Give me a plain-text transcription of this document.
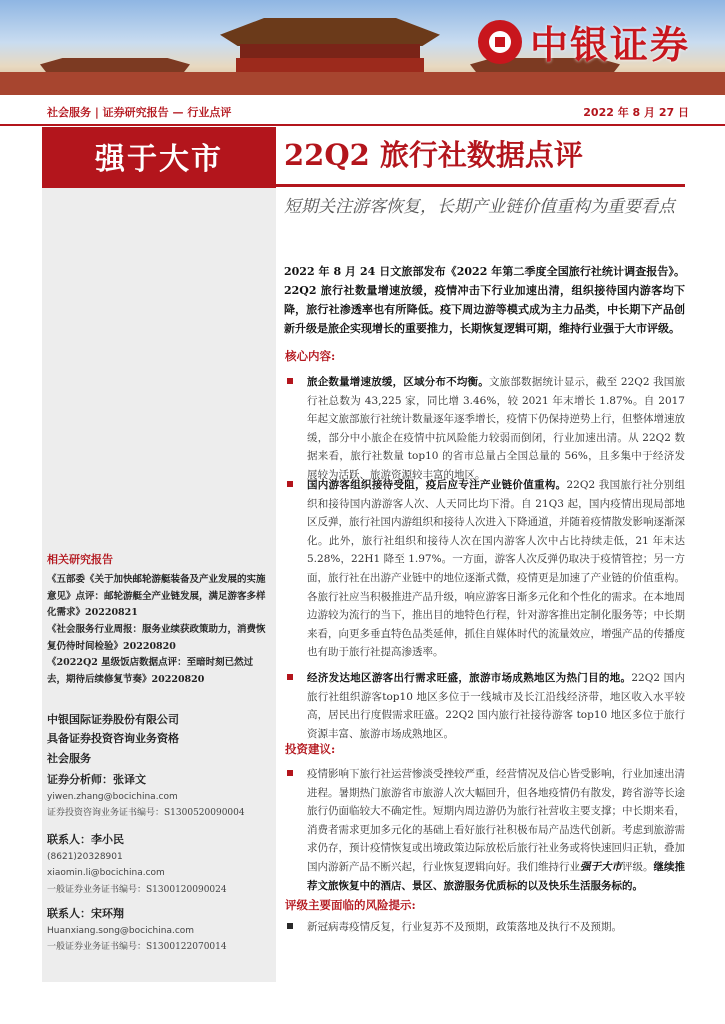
中银证券
社会服务 | 证券研究报告 — 行业点评	2022 年 8 月 27 日
强于大市	22Q2 旅行社数据点评
短期关注游客恢复，长期产业链价值重构为重要看点
2022 年 8 月 24 日文旅部发布《2022 年第二季度全国旅行社统计调查报告》。22Q2 旅行社数量增速放缓，疫情冲击下行业加速出清，组织接待国内游客均下降，旅行社渗透率也有所降低。疫下周边游等模式成为主力品类，中长期下产品创新升级是旅企实现增长的重要推力，长期恢复逻辑可期，维持行业强于大市评级。
核心内容:
旅企数量增速放缓，区域分布不均衡。文旅部数据统计显示，截至 22Q2 我国旅行社总数为 43,225 家，同比增 3.46%，较 2021 年末增长 1.87%。自 2017 年起文旅部旅行社统计数量逐年逐季增长，疫情下仍保持逆势上行，但整体增速放缓，部分中小旅企在疫情中抗风险能力较弱而倒闭，行业加速出清。从 22Q2 数据来看，旅行社数量 top10 的省市总量占全国总量的 56%，且多集中于经济发展较为活跃、旅游资源较丰富的地区。
国内游客组织接待受阻，疫后应专注产业链价值重构。22Q2 我国旅行社分别组织和接待国内游游客人次、人天同比均下滑。自 21Q3 起，国内疫情出现局部地区反弹，旅行社国内游组织和接待人次进入下降通道，并随着疫情散发影响逐渐深化。此外，旅行社组织和接待人次在国内游客人次中占比持续走低，21 年末达 5.28%，22H1 降至 1.97%。一方面，游客人次反弹仍取决于疫情管控；另一方面，旅行社在出游产业链中的地位逐渐式微，疫情更是加速了产业链的价值重构。各旅行社应当积极推进产品升级，响应游客日渐多元化和个性化的需求。在本地周边游较为流行的当下，推出目的地特色行程，针对游客推出定制化服务等；中长期来看，向更多垂直特色品类延伸，抓住自媒体时代的流量效应，增强产品的传播度也有助于旅行社提高渗透率。
经济发达地区游客出行需求旺盛，旅游市场成熟地区为热门目的地。22Q2 国内旅行社组织游客top10 地区多位于一线城市及长江沿线经济带，地区收入水平较高，居民出行度假需求旺盛。22Q2 国内旅行社接待游客 top10 地区多位于旅行资源丰富、旅游市场成熟地区。
投资建议:
疫情影响下旅行社运营惨淡受挫较严重，经营情况及信心皆受影响，行业加速出清进程。暑期热门旅游省市旅游人次大幅回升，但各地疫情仍有散发，跨省游等长途旅行仍面临较大不确定性。短期内周边游仍为旅行社营收主要支撑；中长期来看，消费者需求更加多元化的基础上看好旅行社积极布局产品迭代创新。考虑到旅游需求仍存，预计疫情恢复或出境政策边际放松后旅行社业务或将快速回归正轨，叠加国内游新产品不断兴起，行业恢复逻辑向好。我们维持行业强于大市评级。继续推荐文旅恢复中的酒店、景区、旅游服务优质标的以及快乐生活服务标的。
评级主要面临的风险提示:
新冠病毒疫情反复，行业复苏不及预期，政策落地及执行不及预期。
相关研究报告
《五部委《关于加快邮轮游艇装备及产业发展的实施意见》点评：邮轮游艇全产业链发展，满足游客多样化需求》20220821
《社会服务行业周报：服务业续获政策助力，消费恢复仍待时间检验》20220820
《2022Q2 星级饭店数据点评：至暗时刻已然过去，期待后续修复节奏》20220820
中银国际证券股份有限公司
具备证券投资咨询业务资格
社会服务
证券分析师：张译文
yiwen.zhang@bocichina.com
证券投资咨询业务证书编号：S1300520090004
联系人：李小民
(8621)20328901
xiaomin.li@bocichina.com
一般证券业务证书编号：S1300120090024
联系人：宋环翔
Huanxiang.song@bocichina.com
一般证券业务证书编号：S1300122070014
